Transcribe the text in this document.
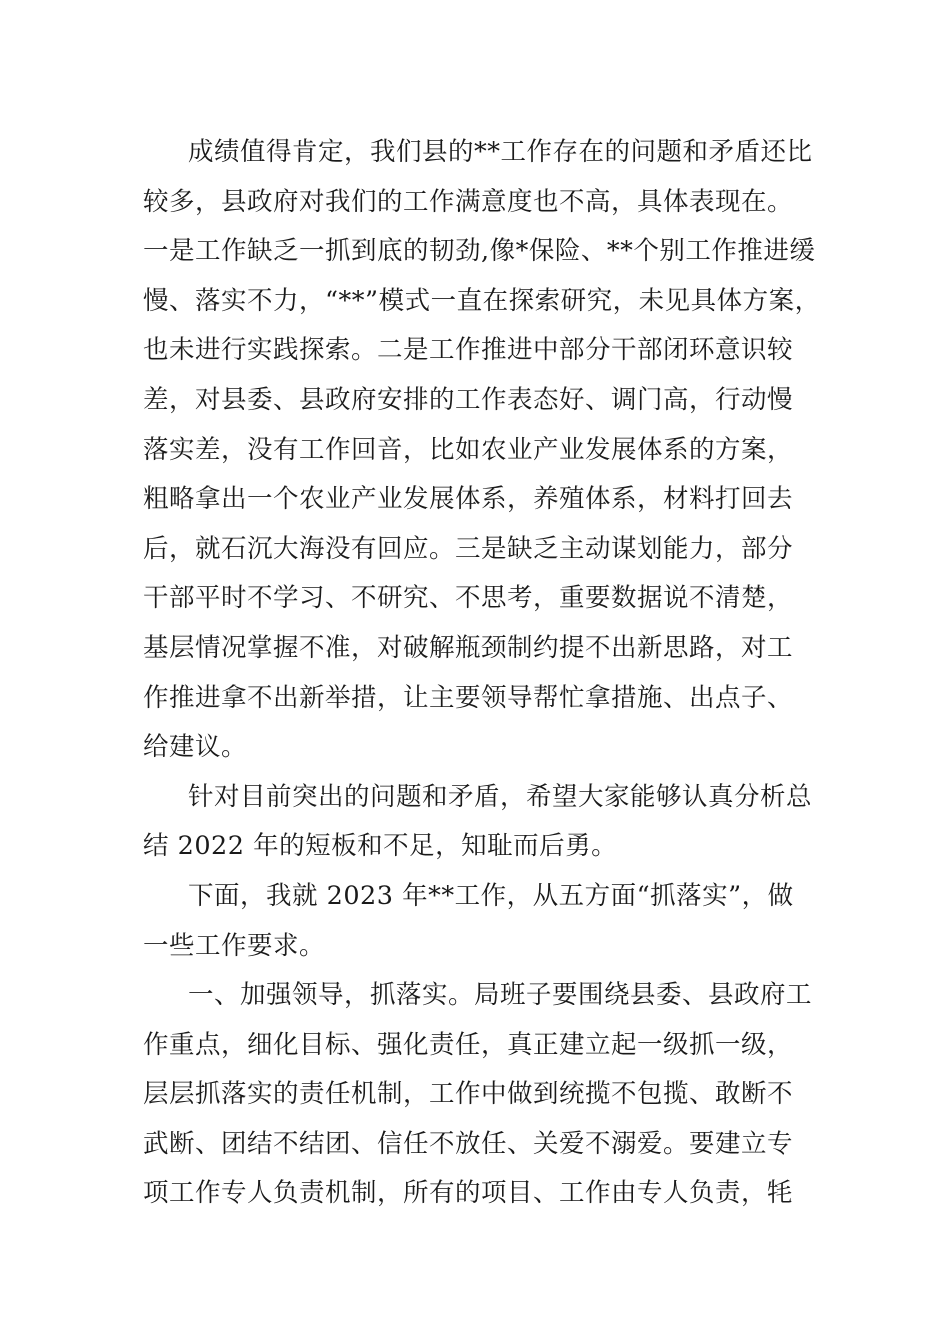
成绩值得肯定，我们县的**工作存在的问题和矛盾还比
较多，县政府对我们的工作满意度也不高，具体表现在。
一是工作缺乏一抓到底的韧劲,像*保险、**个别工作推进缓
慢、落实不力，“**”模式一直在探索研究，未见具体方案，
也未进行实践探索。二是工作推进中部分干部闭环意识较
差，对县委、县政府安排的工作表态好、调门高，行动慢
落实差，没有工作回音，比如农业产业发展体系的方案，
粗略拿出一个农业产业发展体系，养殖体系，材料打回去
后，就石沉大海没有回应。三是缺乏主动谋划能力，部分
干部平时不学习、不研究、不思考，重要数据说不清楚，
基层情况掌握不准，对破解瓶颈制约提不出新思路，对工
作推进拿不出新举措，让主要领导帮忙拿措施、出点子、
给建议。
针对目前突出的问题和矛盾，希望大家能够认真分析总
结 2022 年的短板和不足，知耻而后勇。
下面，我就 2023 年**工作，从五方面“抓落实”，做
一些工作要求。
一、加强领导，抓落实。局班子要围绕县委、县政府工
作重点，细化目标、强化责任，真正建立起一级抓一级，
层层抓落实的责任机制，工作中做到统揽不包揽、敢断不
武断、团结不结团、信任不放任、关爱不溺爱。要建立专
项工作专人负责机制，所有的项目、工作由专人负责，牦
